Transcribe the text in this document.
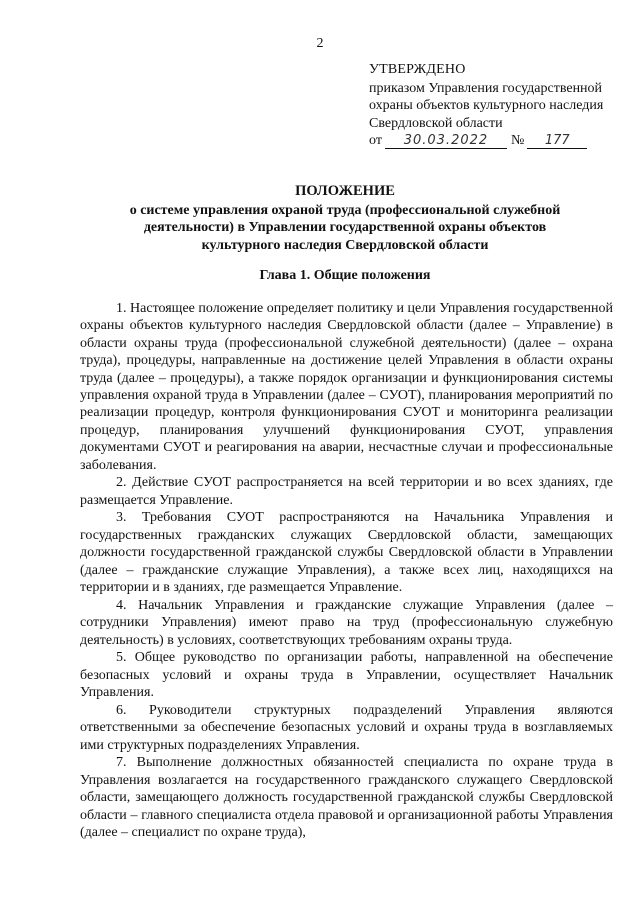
2
УТВЕРЖДЕНО
приказом Управления государственной
охраны объектов культурного наследия
Свердловской области
от	30.03.2022	№	177
ПОЛОЖЕНИЕ
о системе управления охраной труда (профессиональной служебной
деятельности) в Управлении государственной охраны объектов
культурного наследия Свердловской области
Глава 1. Общие положения

1. Настоящее положение определяет политику и цели Управления государственной охраны объектов культурного наследия Свердловской области (далее – Управление) в области охраны труда (профессиональной служебной деятельности) (далее – охрана труда), процедуры, направленные на достижение целей Управления в области охраны труда (далее – процедуры), а также порядок организации и функционирования системы управления охраной труда в Управлении (далее – СУОТ), планирования мероприятий по реализации процедур, контроля функционирования СУОТ и мониторинга реализации процедур, планирования улучшений функционирования СУОТ, управления документами СУОТ и реагирования на аварии, несчастные случаи и профессиональные заболевания.

2. Действие СУОТ распространяется на всей территории и во всех зданиях, где размещается Управление.

3. Требования СУОТ распространяются на Начальника Управления и государственных гражданских служащих Свердловской области, замещающих должности государственной гражданской службы Свердловской области в Управлении (далее – гражданские служащие Управления), а также всех лиц, находящихся на территории и в зданиях, где размещается Управление.

4. Начальник Управления и гражданские служащие Управления (далее – сотрудники Управления) имеют право на труд (профессиональную служебную деятельность) в условиях, соответствующих требованиям охраны труда.

5. Общее руководство по организации работы, направленной на обеспечение безопасных условий и охраны труда в Управлении, осуществляет Начальник Управления.

6. Руководители структурных подразделений Управления являются ответственными за обеспечение безопасных условий и охраны труда в возглавляемых ими структурных подразделениях Управления.

7. Выполнение должностных обязанностей специалиста по охране труда в Управления возлагается на государственного гражданского служащего Свердловской области, замещающего должность государственной гражданской службы Свердловской области – главного специалиста отдела правовой и организационной работы Управления (далее – специалист по охране труда),
